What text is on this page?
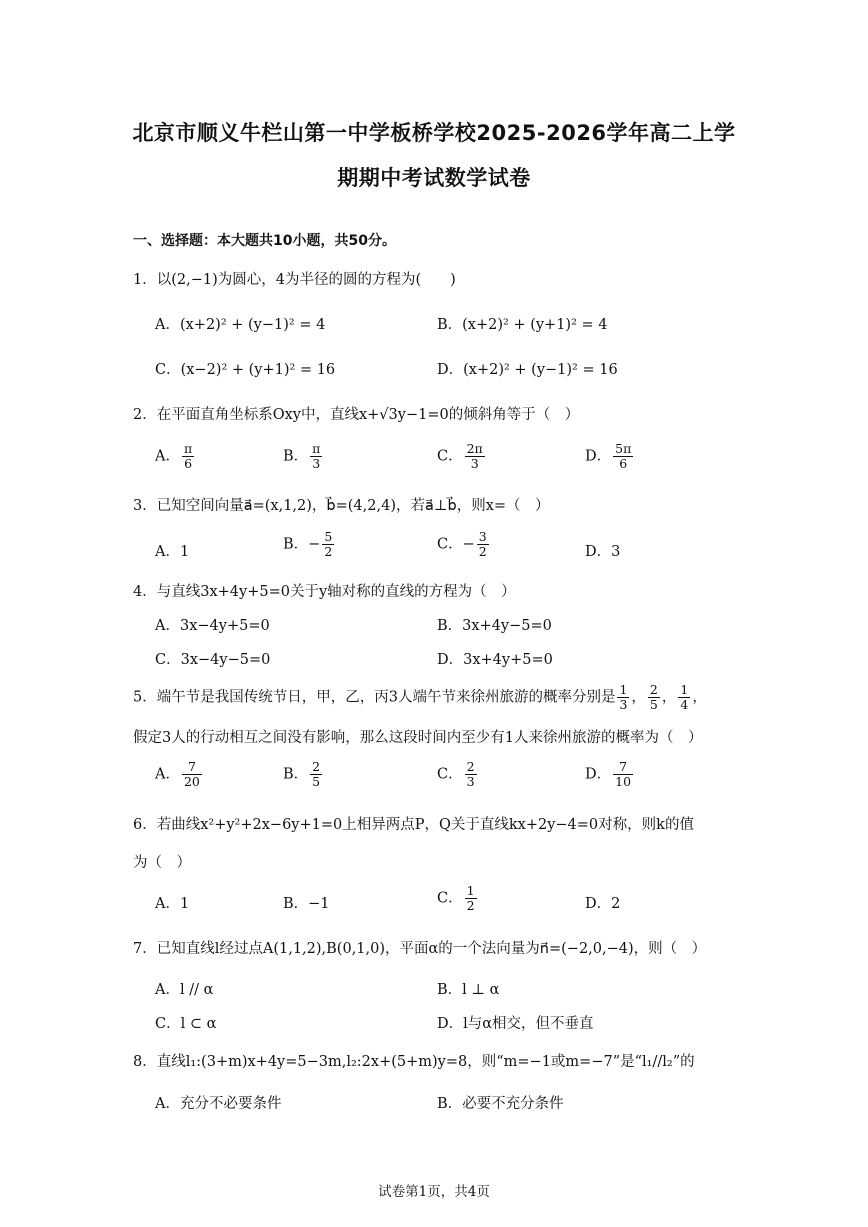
北京市顺义牛栏山第一中学板桥学校2025-2026学年高二上学
期期中考试数学试卷
一、选择题：本大题共10小题，共50分。
1．以(2,−1)为圆心，4为半径的圆的方程为(　　)
A．(x+2)² + (y−1)² = 4	B．(x+2)² + (y+1)² = 4
C．(x−2)² + (y+1)² = 16	D．(x+2)² + (y−1)² = 16
2．在平面直角坐标系Oxy中，直线x+√3y−1=0的倾斜角等于（　）
A． $\frac{\pi}{6}$	B． $\frac{\pi}{3}$	C． $\frac{2\pi}{3}$	D． $\frac{5\pi}{6}$
3．已知空间向量a⃗=(x,1,2)，b⃗=(4,2,4)，若a⃗⊥b⃗，则x=（　）
A．1	B．− $\frac{5}{2}$	C．− $\frac{3}{2}$	D．3
4．与直线3x+4y+5=0关于y轴对称的直线的方程为（　）
A．3x−4y+5=0	B．3x+4y−5=0
C．3x−4y−5=0	D．3x+4y+5=0
5．端午节是我国传统节日，甲，乙，丙3人端午节来徐州旅游的概率分别是 $\frac{1}{3}$ ， $\frac{2}{5}$ ， $\frac{1}{4}$ ，
假定3人的行动相互之间没有影响，那么这段时间内至少有1人来徐州旅游的概率为（　）
A． $\frac{7}{20}$	B． $\frac{2}{5}$	C． $\frac{2}{3}$	D． $\frac{7}{10}$
6．若曲线x²+y²+2x−6y+1=0上相异两点P，Q关于直线kx+2y−4=0对称，则k的值
为（　）
A．1	B．−1	C． $\frac{1}{2}$	D．2
7．已知直线l经过点A(1,1,2),B(0,1,0)，平面α的一个法向量为n⃗=(−2,0,−4)，则（　）
A．l // α	B．l ⊥ α
C．l ⊂ α	D．l与α相交，但不垂直
8．直线l₁:(3+m)x+4y=5−3m,l₂:2x+(5+m)y=8，则“m=−1或m=−7”是“l₁//l₂”的
A．充分不必要条件	B．必要不充分条件
试卷第1页，共4页
